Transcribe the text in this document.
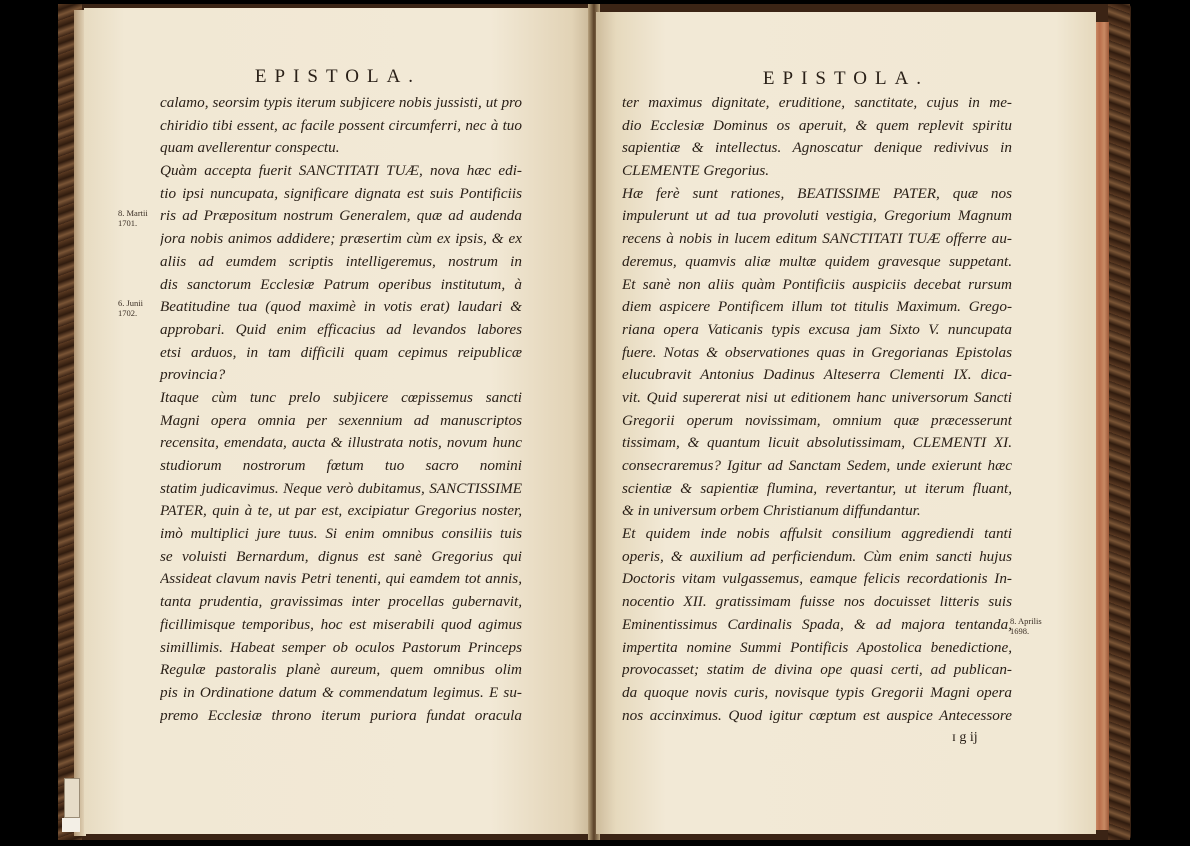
EPISTOLA.
calamo, seorsim typis iterum subjicere nobis jussisti, ut pro
chiridio tibi essent, ac facile possent circumferri, nec à tuo
quam avellerentur conspectu.
Quàm accepta fuerit SANCTITATI TUÆ, nova hæc edi-
tio ipsi nuncupata, significare dignata est suis Pontificiis
ris ad Præpositum nostrum Generalem, quæ ad audenda
jora nobis animos addidere; præsertim cùm ex ipsis, & ex
aliis ad eumdem scriptis intelligeremus, nostrum in
dis sanctorum Ecclesiæ Patrum operibus institutum, à
Beatitudine tua (quod maximè in votis erat) laudari &
approbari. Quid enim efficacius ad levandos labores
etsi arduos, in tam difficili quam cepimus reipublicæ
provincia?
Itaque cùm tunc prelo subjicere cœpissemus sancti
Magni opera omnia per sexennium ad manuscriptos
recensita, emendata, aucta & illustrata notis, novum hunc
studiorum nostrorum fœtum tuo sacro nomini
statim judicavimus. Neque verò dubitamus, SANCTISSIME
PATER, quin à te, ut par est, excipiatur Gregorius noster,
imò multiplici jure tuus. Si enim omnibus consiliis tuis
se voluisti Bernardum, dignus est sanè Gregorius qui
Assideat clavum navis Petri tenenti, qui eamdem tot annis,
tanta prudentia, gravissimas inter procellas gubernavit,
ficillimisque temporibus, hoc est miserabili quod agimus
simillimis. Habeat semper ob oculos Pastorum Princeps
Regulæ pastoralis planè aureum, quem omnibus olim
pis in Ordinatione datum & commendatum legimus. E su-
premo Ecclesiæ throno iterum puriora fundat oracula
8. Martii 1701.
6. Junii 1702.
EPISTOLA.
ter maximus dignitate, eruditione, sanctitate, cujus in me-
dio Ecclesiæ Dominus os aperuit, & quem replevit spiritu
sapientiæ & intellectus. Agnoscatur denique redivivus in
CLEMENTE Gregorius.
Hæ ferè sunt rationes, BEATISSIME PATER, quæ nos
impulerunt ut ad tua provoluti vestigia, Gregorium Magnum
recens à nobis in lucem editum SANCTITATI TUÆ offerre au-
deremus, quamvis aliæ multæ quidem gravesque suppetant.
Et sanè non aliis quàm Pontificiis auspiciis decebat rursum
diem aspicere Pontificem illum tot titulis Maximum. Grego-
riana opera Vaticanis typis excusa jam Sixto V. nuncupata
fuere. Notas & observationes quas in Gregorianas Epistolas
elucubravit Antonius Dadinus Alteserra Clementi IX. dica-
vit. Quid supererat nisi ut editionem hanc universorum Sancti
Gregorii operum novissimam, omnium quæ præcesserunt
tissimam, & quantum licuit absolutissimam, CLEMENTI XI.
consecraremus? Igitur ad Sanctam Sedem, unde exierunt hæc
scientiæ & sapientiæ flumina, revertantur, ut iterum fluant,
& in universum orbem Christianum diffundantur.
Et quidem inde nobis affulsit consilium aggrediendi tanti
operis, & auxilium ad perficiendum. Cùm enim sancti hujus
Doctoris vitam vulgassemus, eamque felicis recordationis In-
nocentio XII. gratissimam fuisse nos docuisset litteris suis
Eminentissimus Cardinalis Spada, & ad majora tentanda,
impertita nomine Summi Pontificis Apostolica benedictione,
provocasset; statim de divina ope quasi certi, ad publican-
da quoque novis curis, novisque typis Gregorii Magni opera
nos accinximus. Quod igitur cœptum est auspice Antecessore
ɪ g ij
8. Aprilis 1698.
